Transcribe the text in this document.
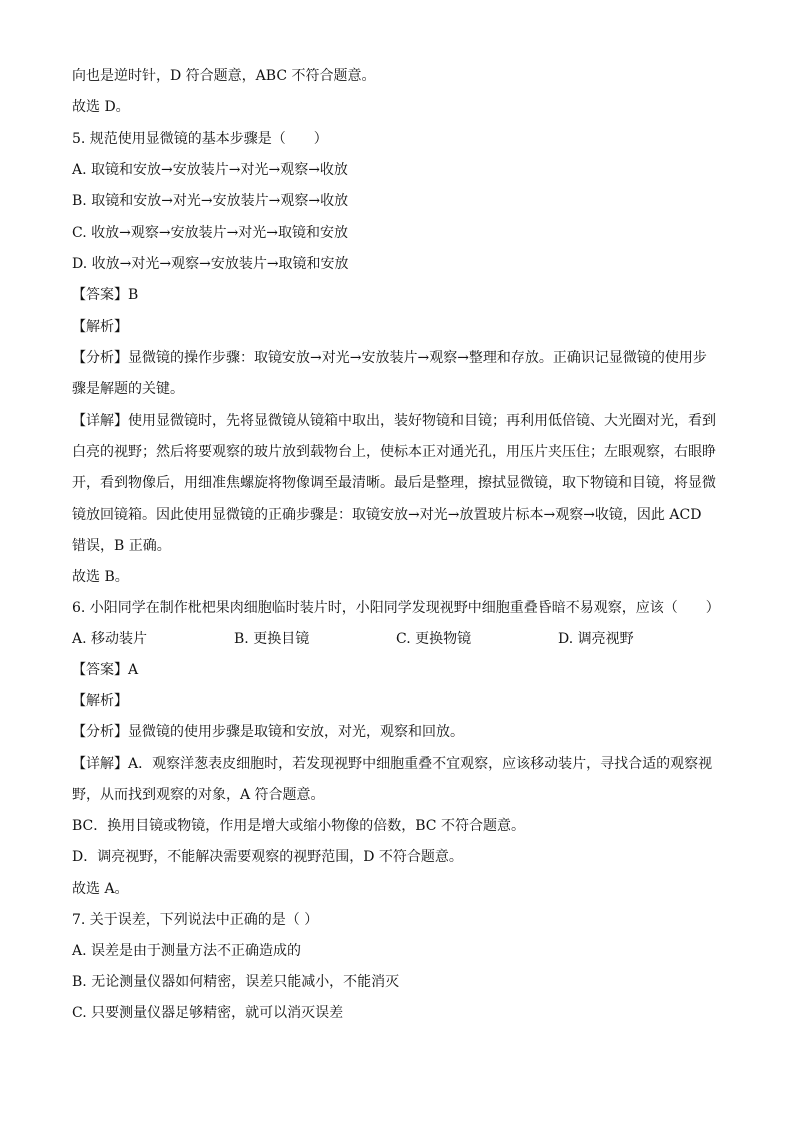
向也是逆时针，D 符合题意，ABC 不符合题意。
故选 D。
5. 规范使用显微镜的基本步骤是（　　）
A. 取镜和安放→安放装片→对光→观察→收放
B. 取镜和安放→对光→安放装片→观察→收放
C. 收放→观察→安放装片→对光→取镜和安放
D. 收放→对光→观察→安放装片→取镜和安放
【答案】B
【解析】
【分析】显微镜的操作步骤：取镜安放→对光→安放装片→观察→整理和存放。正确识记显微镜的使用步
骤是解题的关键。
【详解】使用显微镜时，先将显微镜从镜箱中取出，装好物镜和目镜；再利用低倍镜、大光圈对光，看到
白亮的视野；然后将要观察的玻片放到载物台上，使标本正对通光孔，用压片夹压住；左眼观察，右眼睁
开，看到物像后，用细准焦螺旋将物像调至最清晰。最后是整理，擦拭显微镜，取下物镜和目镜，将显微
镜放回镜箱。因此使用显微镜的正确步骤是：取镜安放→对光→放置玻片标本→观察→收镜，因此 ACD
错误，B 正确。
故选 B。
6. 小阳同学在制作枇杷果肉细胞临时装片时，小阳同学发现视野中细胞重叠昏暗不易观察，应该（　　）
A. 移动装片	B. 更换目镜	C. 更换物镜	D. 调亮视野
【答案】A
【解析】
【分析】显微镜的使用步骤是取镜和安放，对光，观察和回放。
【详解】A．观察洋葱表皮细胞时，若发现视野中细胞重叠不宜观察，应该移动装片，寻找合适的观察视
野，从而找到观察的对象，A 符合题意。
BC．换用目镜或物镜，作用是增大或缩小物像的倍数，BC 不符合题意。
D．调亮视野，不能解决需要观察的视野范围，D 不符合题意。
故选 A。
7. 关于误差，下列说法中正确的是（ ）
A. 误差是由于测量方法不正确造成的
B. 无论测量仪器如何精密，误差只能减小，不能消灭
C. 只要测量仪器足够精密，就可以消灭误差
